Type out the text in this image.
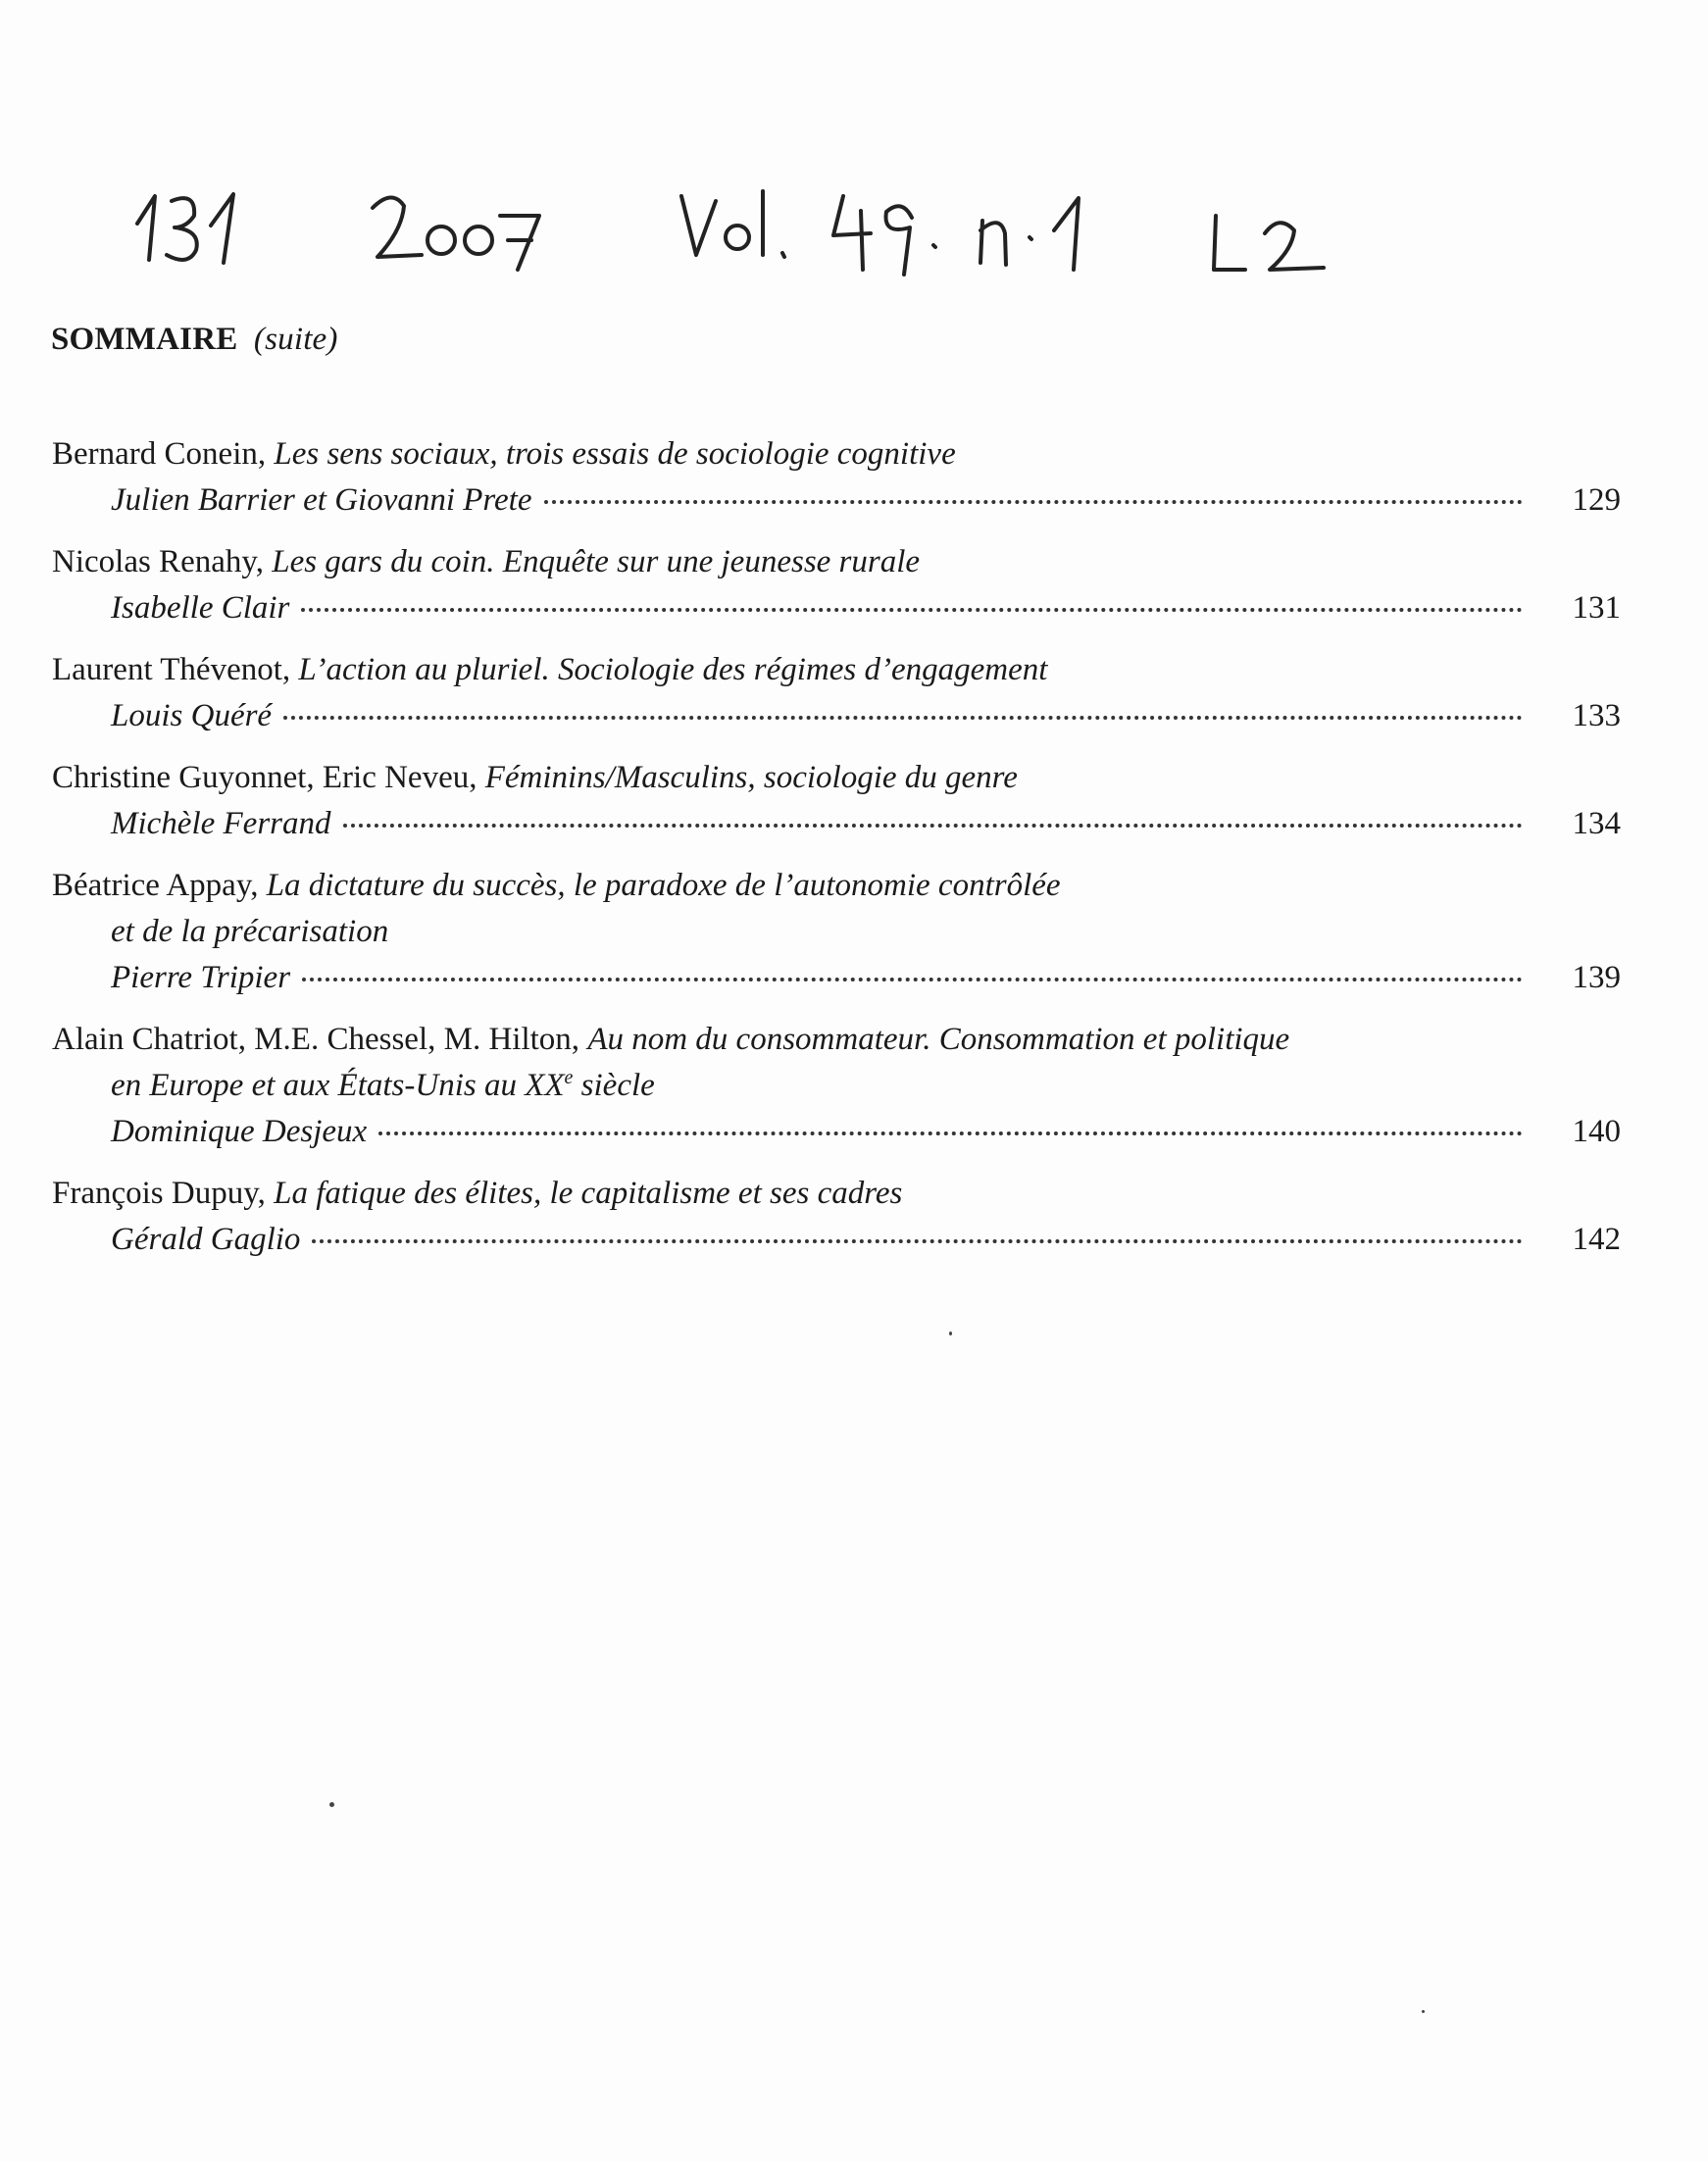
SOMMAIRE (suite)
Bernard Conein, Les sens sociaux, trois essais de sociologie cognitive
Julien Barrier et Giovanni Prete	129
Nicolas Renahy, Les gars du coin. Enquête sur une jeunesse rurale
Isabelle Clair	131
Laurent Thévenot, L’action au pluriel. Sociologie des régimes d’engagement
Louis Quéré	133
Christine Guyonnet, Eric Neveu, Féminins/Masculins, sociologie du genre
Michèle Ferrand	134
Béatrice Appay, La dictature du succès, le paradoxe de l’autonomie contrôlée
et de la précarisation
Pierre Tripier	139
Alain Chatriot, M.E. Chessel, M. Hilton, Au nom du consommateur. Consommation et politique
en Europe et aux États-Unis au XXe siècle
Dominique Desjeux	140
François Dupuy, La fatique des élites, le capitalisme et ses cadres
Gérald Gaglio	142
